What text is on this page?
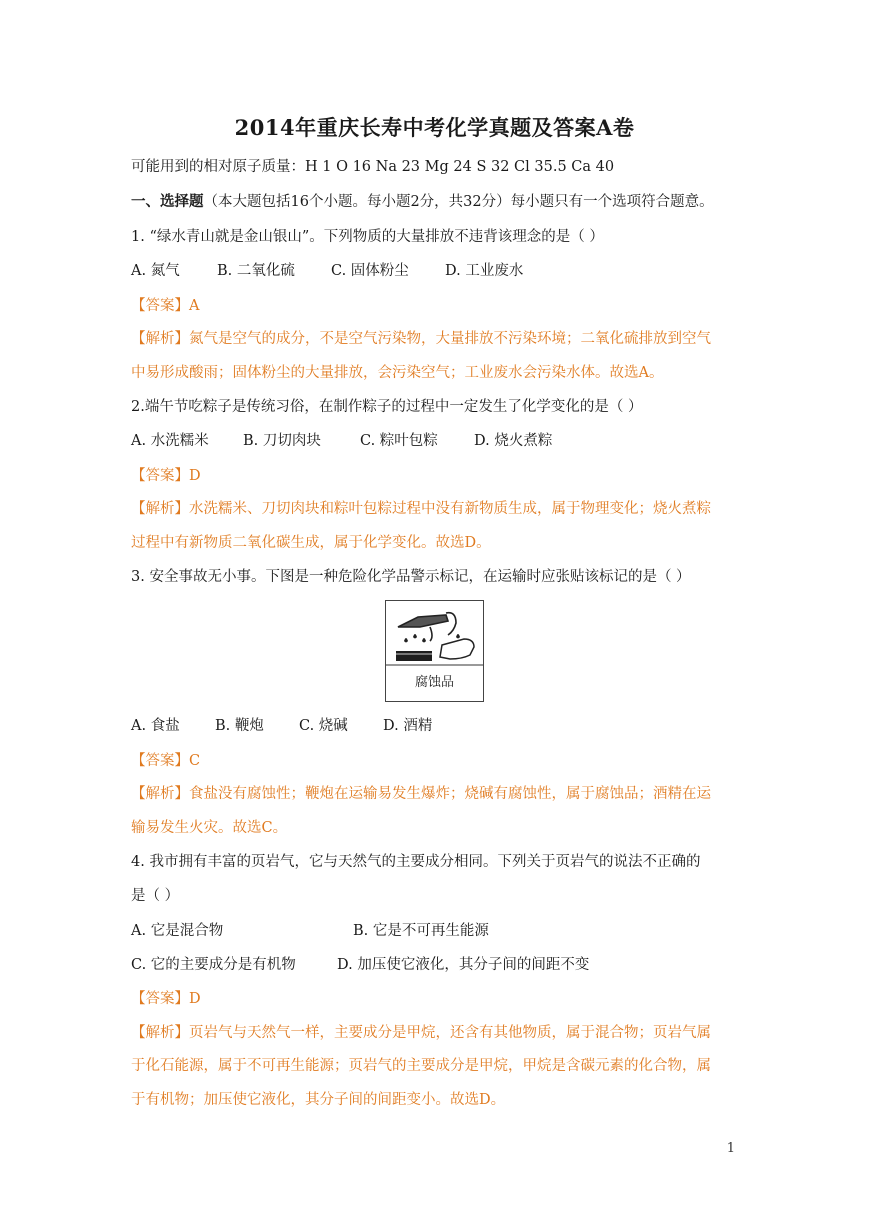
2014年重庆长寿中考化学真题及答案A卷
可能用到的相对原子质量：H 1 O 16 Na 23 Mg 24 S 32 Cl 35.5 Ca 40
一、选择题（本大题包括16个小题。每小题2分，共32分）每小题只有一个选项符合题意。
1. “绿水青山就是金山银山”。下列物质的大量排放不违背该理念的是（ ）
A. 氮气	B. 二氧化硫 C. 固体粉尘 D. 工业废水
【答案】A
【解析】氮气是空气的成分，不是空气污染物，大量排放不污染环境；二氧化硫排放到空气
中易形成酸雨；固体粉尘的大量排放，会污染空气；工业废水会污染水体。故选A。
2.端午节吃粽子是传统习俗，在制作粽子的过程中一定发生了化学变化的是（ ）
A. 水洗糯米 B. 刀切肉块	C. 粽叶包粽 D. 烧火煮粽
【答案】D
【解析】水洗糯米、刀切肉块和粽叶包粽过程中没有新物质生成，属于物理变化；烧火煮粽
过程中有新物质二氧化碳生成，属于化学变化。故选D。
3. 安全事故无小事。下图是一种危险化学品警示标记，在运输时应张贴该标记的是（ ）
腐蚀品
A. 食盐 B. 鞭炮 C. 烧碱 D. 酒精
【答案】C
【解析】食盐没有腐蚀性；鞭炮在运输易发生爆炸；烧碱有腐蚀性，属于腐蚀品；酒精在运
输易发生火灾。故选C。
4. 我市拥有丰富的页岩气，它与天然气的主要成分相同。下列关于页岩气的说法不正确的
是（ ）
A. 它是混合物	B. 它是不可再生能源
C. 它的主要成分是有机物	D. 加压使它液化，其分子间的间距不变
【答案】D
【解析】页岩气与天然气一样，主要成分是甲烷，还含有其他物质，属于混合物；页岩气属
于化石能源，属于不可再生能源；页岩气的主要成分是甲烷，甲烷是含碳元素的化合物，属
于有机物；加压使它液化，其分子间的间距变小。故选D。
1
